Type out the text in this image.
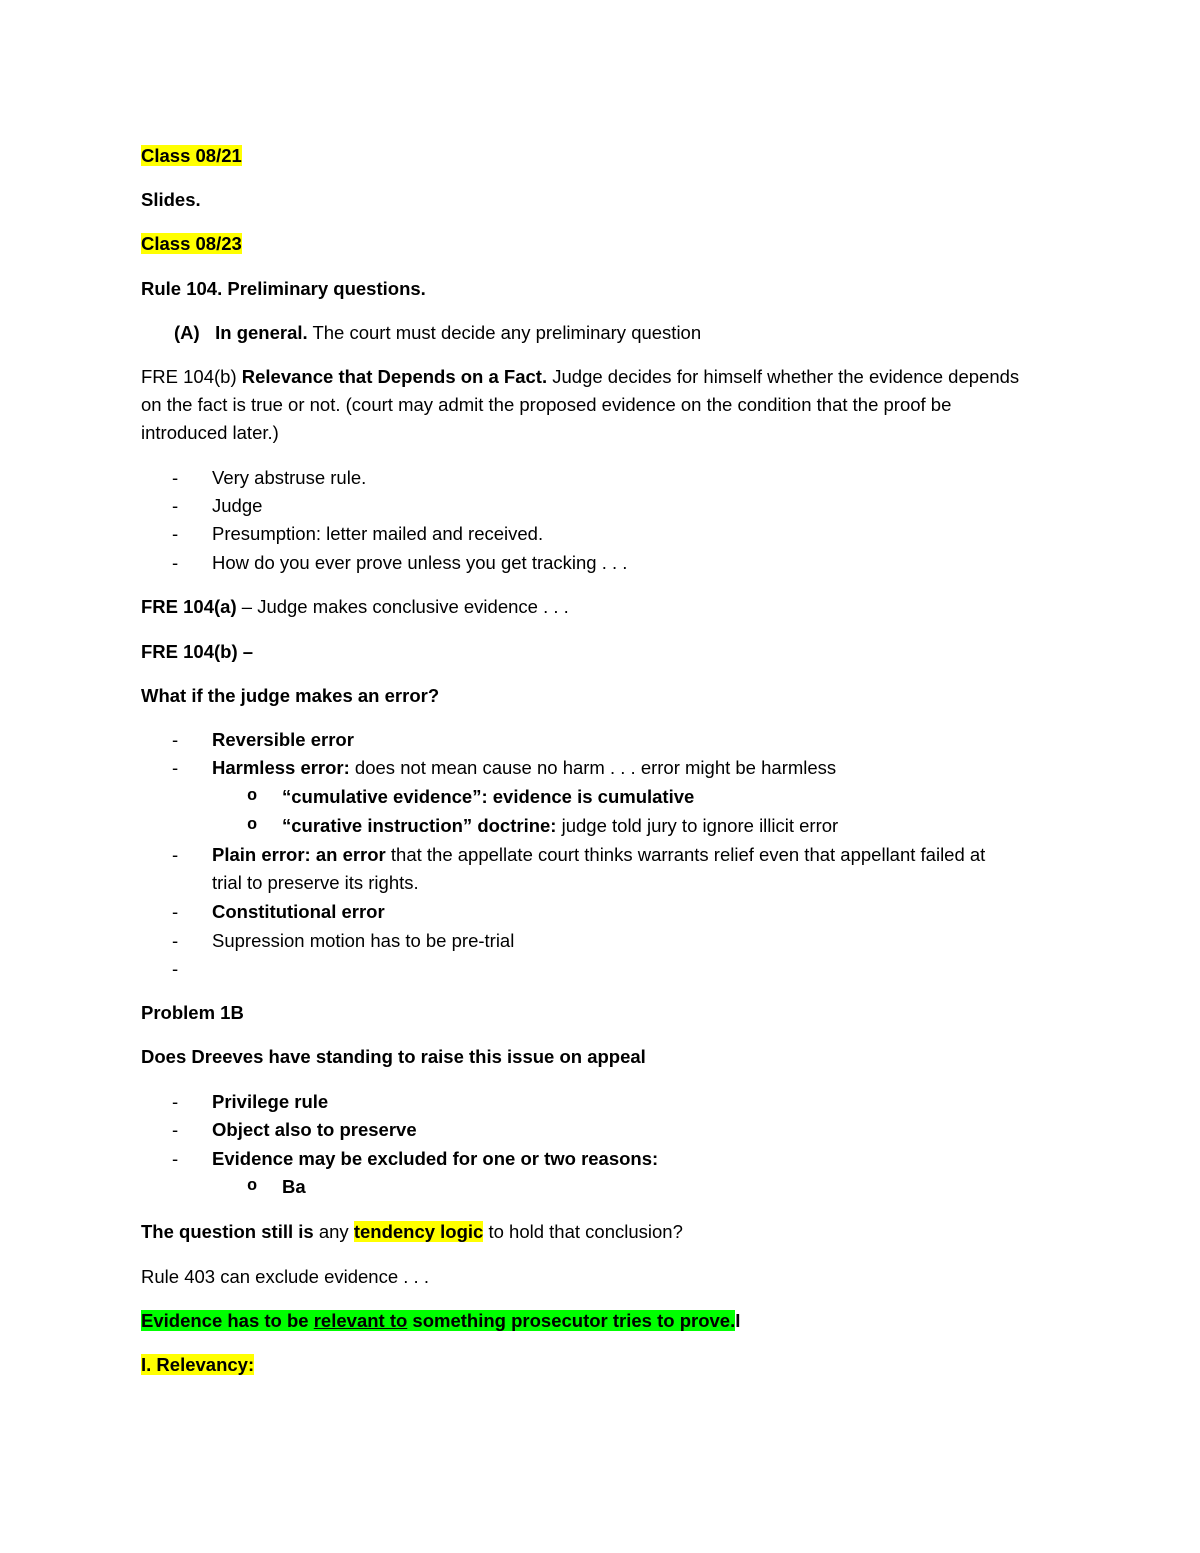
Class 08/21
Slides.
Class 08/23
Rule 104. Preliminary questions.
(A) In general. The court must decide any preliminary question
FRE 104(b) Relevance that Depends on a Fact. Judge decides for himself whether the evidence depends
on the fact is true or not. (court may admit the proposed evidence on the condition that the proof be
introduced later.)
- Very abstruse rule.
- Judge
- Presumption: letter mailed and received.
- How do you ever prove unless you get tracking . . .
FRE 104(a) – Judge makes conclusive evidence . . .
FRE 104(b) –
What if the judge makes an error?
- Reversible error
- Harmless error: does not mean cause no harm . . . error might be harmless
o “cumulative evidence”: evidence is cumulative
o “curative instruction” doctrine: judge told jury to ignore illicit error
- Plain error: an error that the appellate court thinks warrants relief even that appellant failed at
trial to preserve its rights.
- Constitutional error
- Supression motion has to be pre-trial
-
Problem 1B
Does Dreeves have standing to raise this issue on appeal
- Privilege rule
- Object also to preserve
- Evidence may be excluded for one or two reasons:
o Ba
The question still is any tendency logic to hold that conclusion?
Rule 403 can exclude evidence . . .
Evidence has to be relevant to something prosecutor tries to prove.I
I. Relevancy:
